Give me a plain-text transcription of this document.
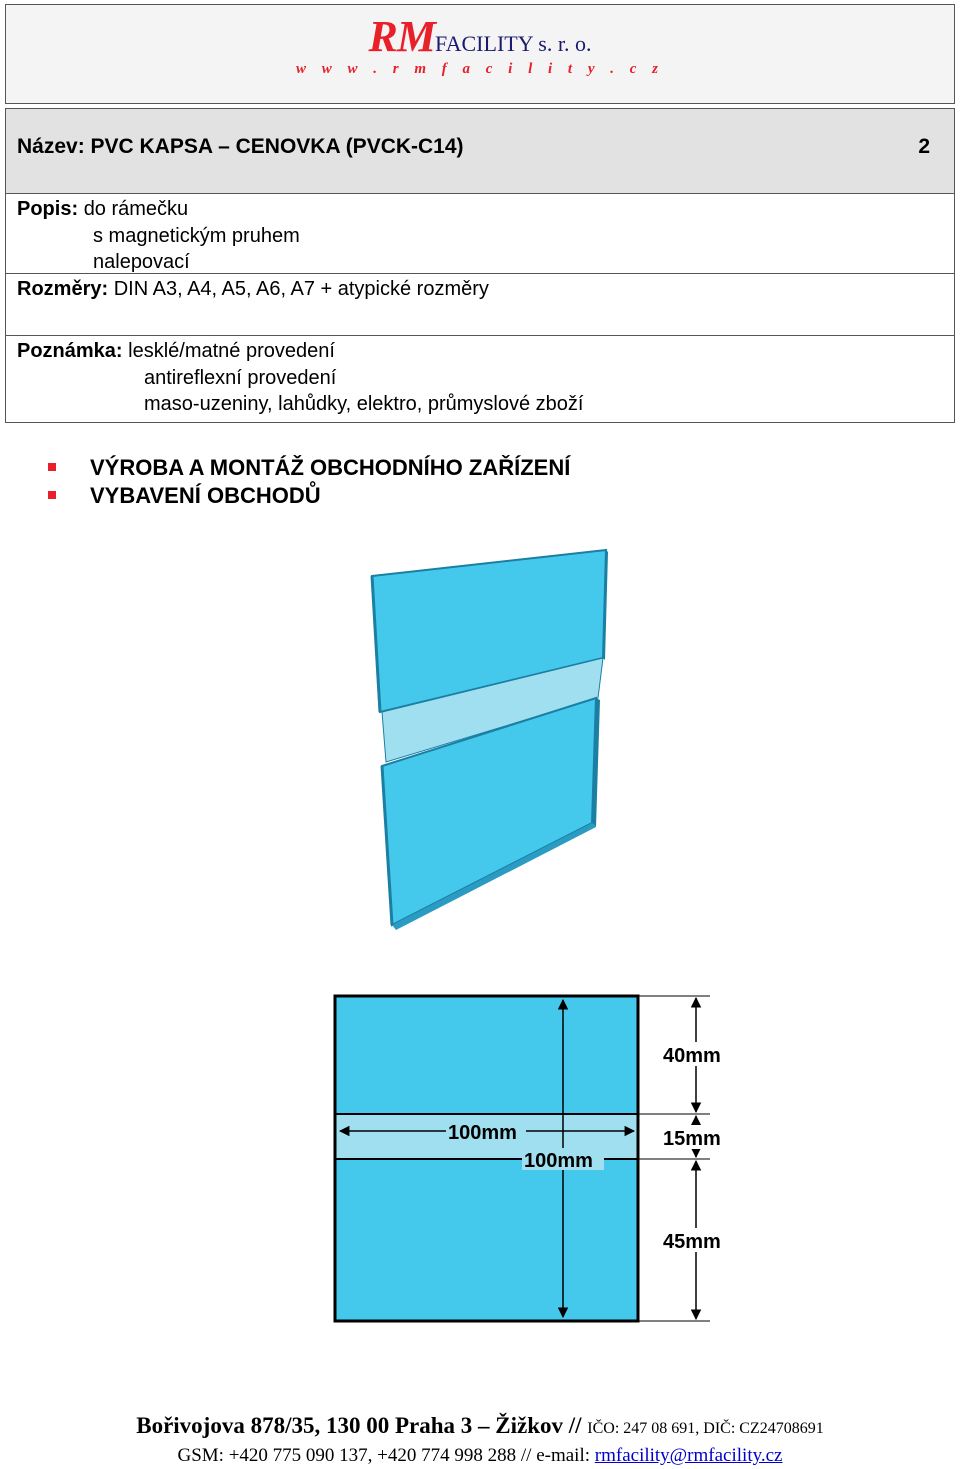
RMFACILITY s. r. o.
w w w . r m f a c i l i t y . c z
Název: PVC KAPSA – CENOVKA (PVCK-C14)	2
Popis: do rámečku
s magnetickým pruhem
nalepovací
Rozměry: DIN A3, A4, A5, A6, A7 + atypické rozměry
Poznámka: lesklé/matné provedení
antireflexní provedení
maso-uzeniny, lahůdky, elektro, průmyslové zboží
VÝROBA A MONTÁŽ OBCHODNÍHO ZAŘÍZENÍ
VYBAVENÍ OBCHODŮ
40mm
15mm
45mm
100mm
100mm
Bořivojova 878/35, 130 00 Praha 3 – Žižkov // IČO: 247 08 691, DIČ: CZ24708691
GSM: +420 775 090 137, +420 774 998 288 // e-mail: rmfacility@rmfacility.cz
